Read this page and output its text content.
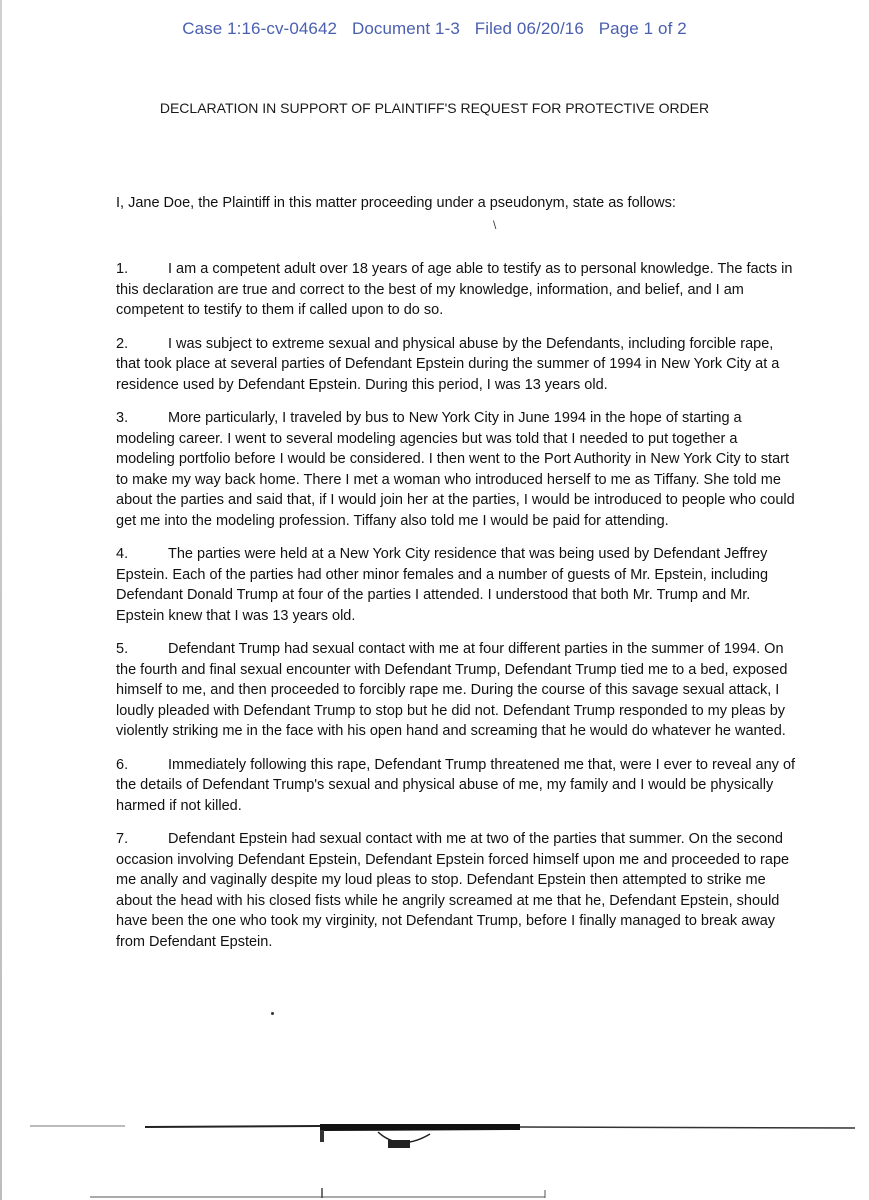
Case 1:16-cv-04642 Document 1-3 Filed 06/20/16 Page 1 of 2
DECLARATION IN SUPPORT OF PLAINTIFF'S REQUEST FOR PROTECTIVE ORDER
I, Jane Doe, the Plaintiff in this matter proceeding under a pseudonym, state as follows:
\

1.	I am a competent adult over 18 years of age able to testify as to personal knowledge. The facts in this declaration are true and correct to the best of my knowledge, information, and belief, and I am competent to testify to them if called upon to do so.

2.	I was subject to extreme sexual and physical abuse by the Defendants, including forcible rape, that took place at several parties of Defendant Epstein during the summer of 1994 in New York City at a residence used by Defendant Epstein. During this period, I was 13 years old.

3.	More particularly, I traveled by bus to New York City in June 1994 in the hope of starting a modeling career. I went to several modeling agencies but was told that I needed to put together a modeling portfolio before I would be considered. I then went to the Port Authority in New York City to start to make my way back home. There I met a woman who introduced herself to me as Tiffany. She told me about the parties and said that, if I would join her at the parties, I would be introduced to people who could get me into the modeling profession. Tiffany also told me I would be paid for attending.

4.	The parties were held at a New York City residence that was being used by Defendant Jeffrey Epstein. Each of the parties had other minor females and a number of guests of Mr. Epstein, including Defendant Donald Trump at four of the parties I attended. I understood that both Mr. Trump and Mr. Epstein knew that I was 13 years old.

5.	Defendant Trump had sexual contact with me at four different parties in the summer of 1994. On the fourth and final sexual encounter with Defendant Trump, Defendant Trump tied me to a bed, exposed himself to me, and then proceeded to forcibly rape me. During the course of this savage sexual attack, I loudly pleaded with Defendant Trump to stop but he did not. Defendant Trump responded to my pleas by violently striking me in the face with his open hand and screaming that he would do whatever he wanted.

6.	Immediately following this rape, Defendant Trump threatened me that, were I ever to reveal any of the details of Defendant Trump's sexual and physical abuse of me, my family and I would be physically harmed if not killed.

7.	Defendant Epstein had sexual contact with me at two of the parties that summer. On the second occasion involving Defendant Epstein, Defendant Epstein forced himself upon me and proceeded to rape me anally and vaginally despite my loud pleas to stop. Defendant Epstein then attempted to strike me about the head with his closed fists while he angrily screamed at me that he, Defendant Epstein, should have been the one who took my virginity, not Defendant Trump, before I finally managed to break away from Defendant Epstein.
